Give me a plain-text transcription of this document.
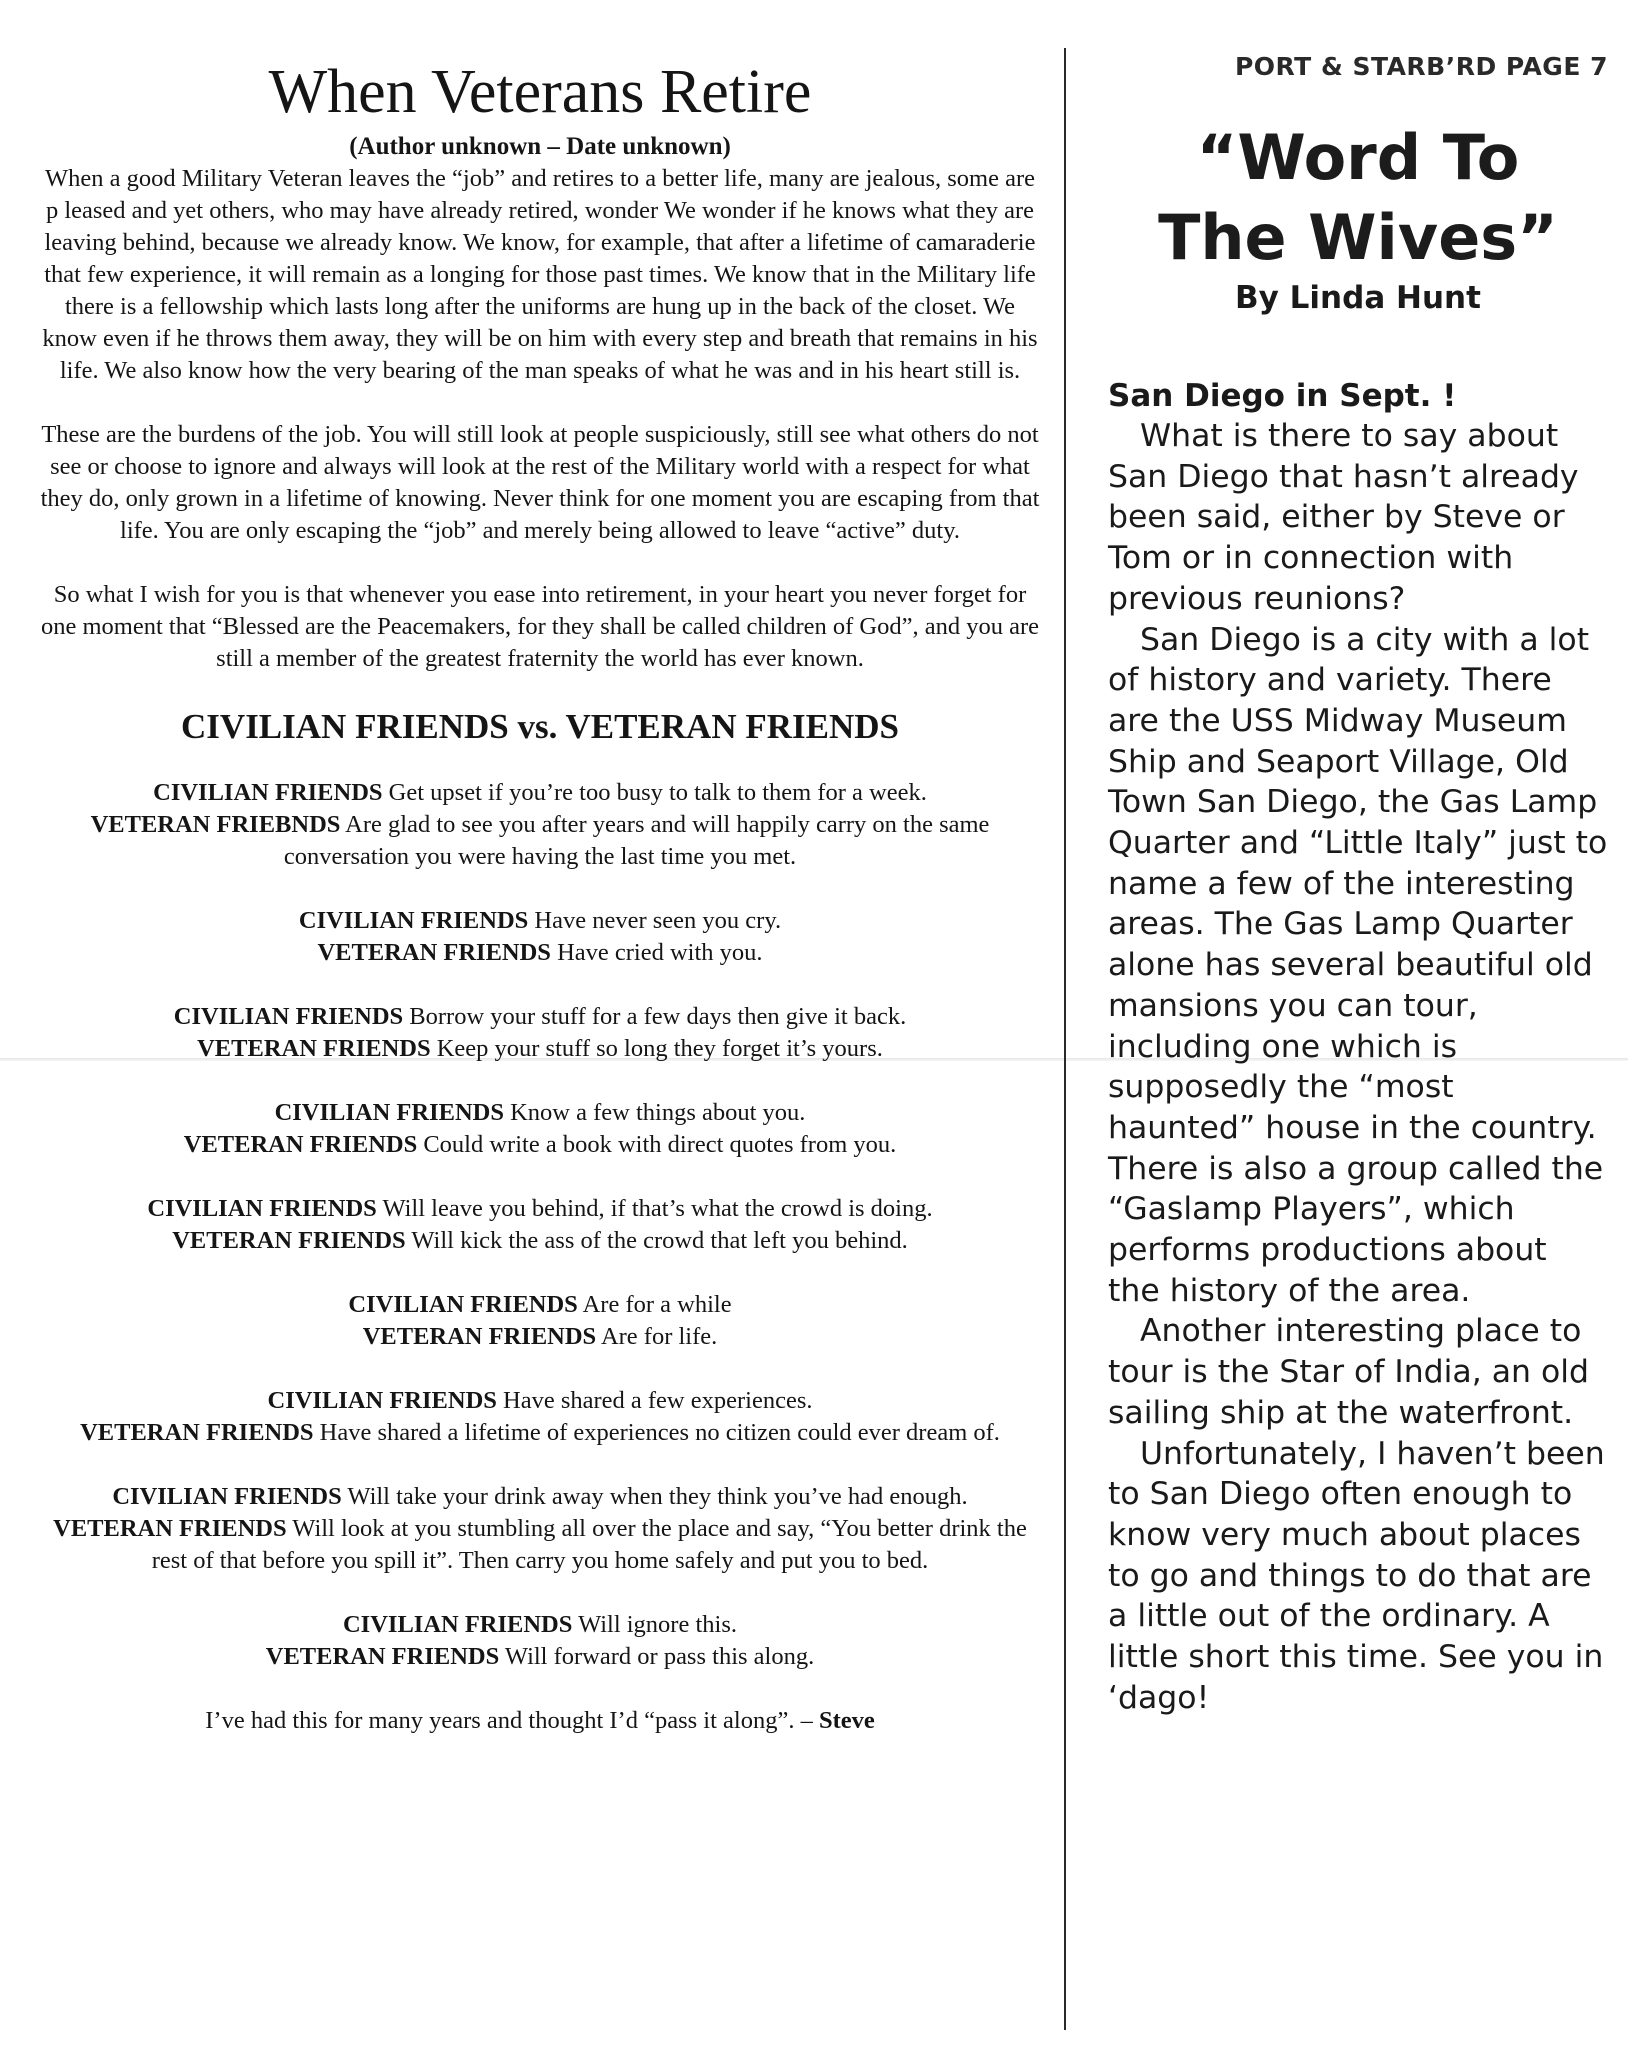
When Veterans Retire

(Author unknown – Date unknown)

When a good Military Veteran leaves the “job” and retires to a better life, many are jealous, some are p leased and yet others, who may have already retired, wonder We wonder if he knows what they are leaving behind, because we already know. We know, for example, that after a lifetime of camaraderie that few experience, it will remain as a longing for those past times. We know that in the Military life there is a fellowship which lasts long after the uniforms are hung up in the back of the closet. We know even if he throws them away, they will be on him with every step and breath that remains in his life. We also know how the very bearing of the man speaks of what he was and in his heart still is.

These are the burdens of the job. You will still look at people suspiciously, still see what others do not see or choose to ignore and always will look at the rest of the Military world with a respect for what they do, only grown in a lifetime of knowing. Never think for one moment you are escaping from that life. You are only escaping the “job” and merely being allowed to leave “active” duty.

So what I wish for you is that whenever you ease into retirement, in your heart you never forget for one moment that “Blessed are the Peacemakers, for they shall be called children of God”, and you are still a member of the greatest fraternity the world has ever known.

CIVILIAN FRIENDS vs. VETERAN FRIENDS

CIVILIAN FRIENDS Get upset if you’re too busy to talk to them for a week.

VETERAN FRIEBNDS Are glad to see you after years and will happily carry on the same conversation you were having the last time you met.

CIVILIAN FRIENDS Have never seen you cry.

VETERAN FRIENDS Have cried with you.

CIVILIAN FRIENDS Borrow your stuff for a few days then give it back.

VETERAN FRIENDS Keep your stuff so long they forget it’s yours.

CIVILIAN FRIENDS Know a few things about you.

VETERAN FRIENDS Could write a book with direct quotes from you.

CIVILIAN FRIENDS Will leave you behind, if that’s what the crowd is doing.

VETERAN FRIENDS Will kick the ass of the crowd that left you behind.

CIVILIAN FRIENDS Are for a while

VETERAN FRIENDS Are for life.

CIVILIAN FRIENDS Have shared a few experiences.

VETERAN FRIENDS Have shared a lifetime of experiences no citizen could ever dream of.

CIVILIAN FRIENDS Will take your drink away when they think you’ve had enough.

VETERAN FRIENDS Will look at you stumbling all over the place and say, “You better drink the rest of that before you spill it”. Then carry you home safely and put you to bed.

CIVILIAN FRIENDS Will ignore this.

VETERAN FRIENDS Will forward or pass this along.

I’ve had this for many years and thought I’d “pass it along”. – Steve

PORT & STARB’RD PAGE 7

“Word To
The Wives”

By Linda Hunt

San Diego in Sept. !

What is there to say about San Diego that hasn’t already been said, either by Steve or Tom or in connection with previous reunions?

San Diego is a city with a lot of history and variety. There are the USS Midway Museum Ship and Seaport Village, Old Town San Diego, the Gas Lamp Quarter and “Little Italy” just to name a few of the interesting areas. The Gas Lamp Quarter alone has several beautiful old mansions you can tour, including one which is supposedly the “most haunted” house in the country. There is also a group called the “Gaslamp Players”, which performs productions about the history of the area.

Another interesting place to tour is the Star of India, an old sailing ship at the waterfront.

Unfortunately, I haven’t been to San Diego often enough to know very much about places to go and things to do that are a little out of the ordinary. A little short this time. See you in ‘dago!
